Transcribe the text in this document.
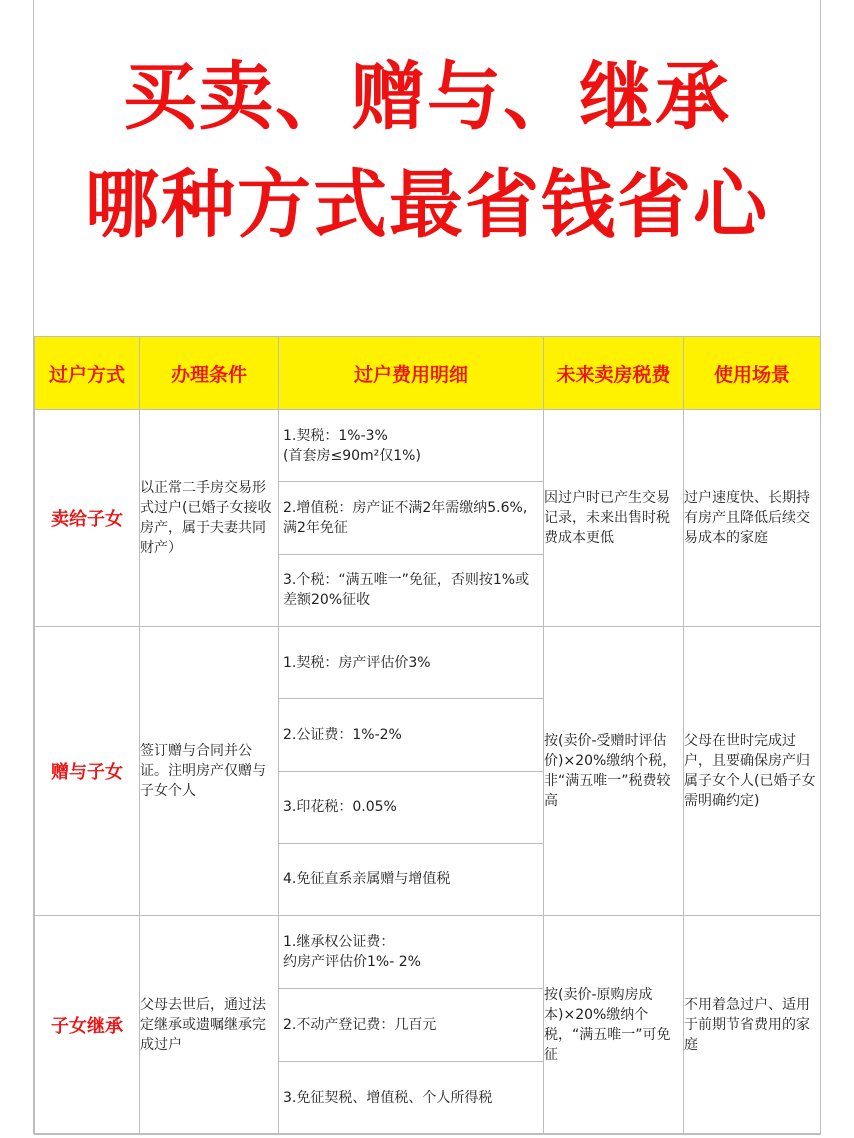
买卖、赠与、继承
哪种方式最省钱省心
过户方式	办理条件	过户费用明细	未来卖房税费	使用场景
卖给子女	以正常二手房交易形式过户(已婚子女接收房产，属于夫妻共同财产）	1.契税：1%-3%
(首套房≤90m²仅1%)
2.增值税：房产证不满2年需缴纳5.6%,满2年免征
3.个税：“满五唯一”免征，否则按1%或差额20%征收	因过户时已产生交易记录，未来出售时税费成本更低	过户速度快、长期持有房产且降低后续交易成本的家庭
赠与子女	签订赠与合同并公证。注明房产仅赠与子女个人	1.契税：房产评估价3%
2.公证费：1%-2%
3.印花税：0.05%
4.免征直系亲属赠与增值税	按(卖价-受赠时评估价)×20%缴纳个税，非“满五唯一”税费较高	父母在世时完成过户，且要确保房产归属子女个人(已婚子女需明确约定)
子女继承	父母去世后，通过法定继承或遗嘱继承完成过户	1.继承权公证费：
约房产评估价1%- 2%
2.不动产登记费：几百元
3.免征契税、增值税、个人所得税	按(卖价-原购房成本)×20%缴纳个税，“满五唯一”可免征	不用着急过户、适用于前期节省费用的家庭
